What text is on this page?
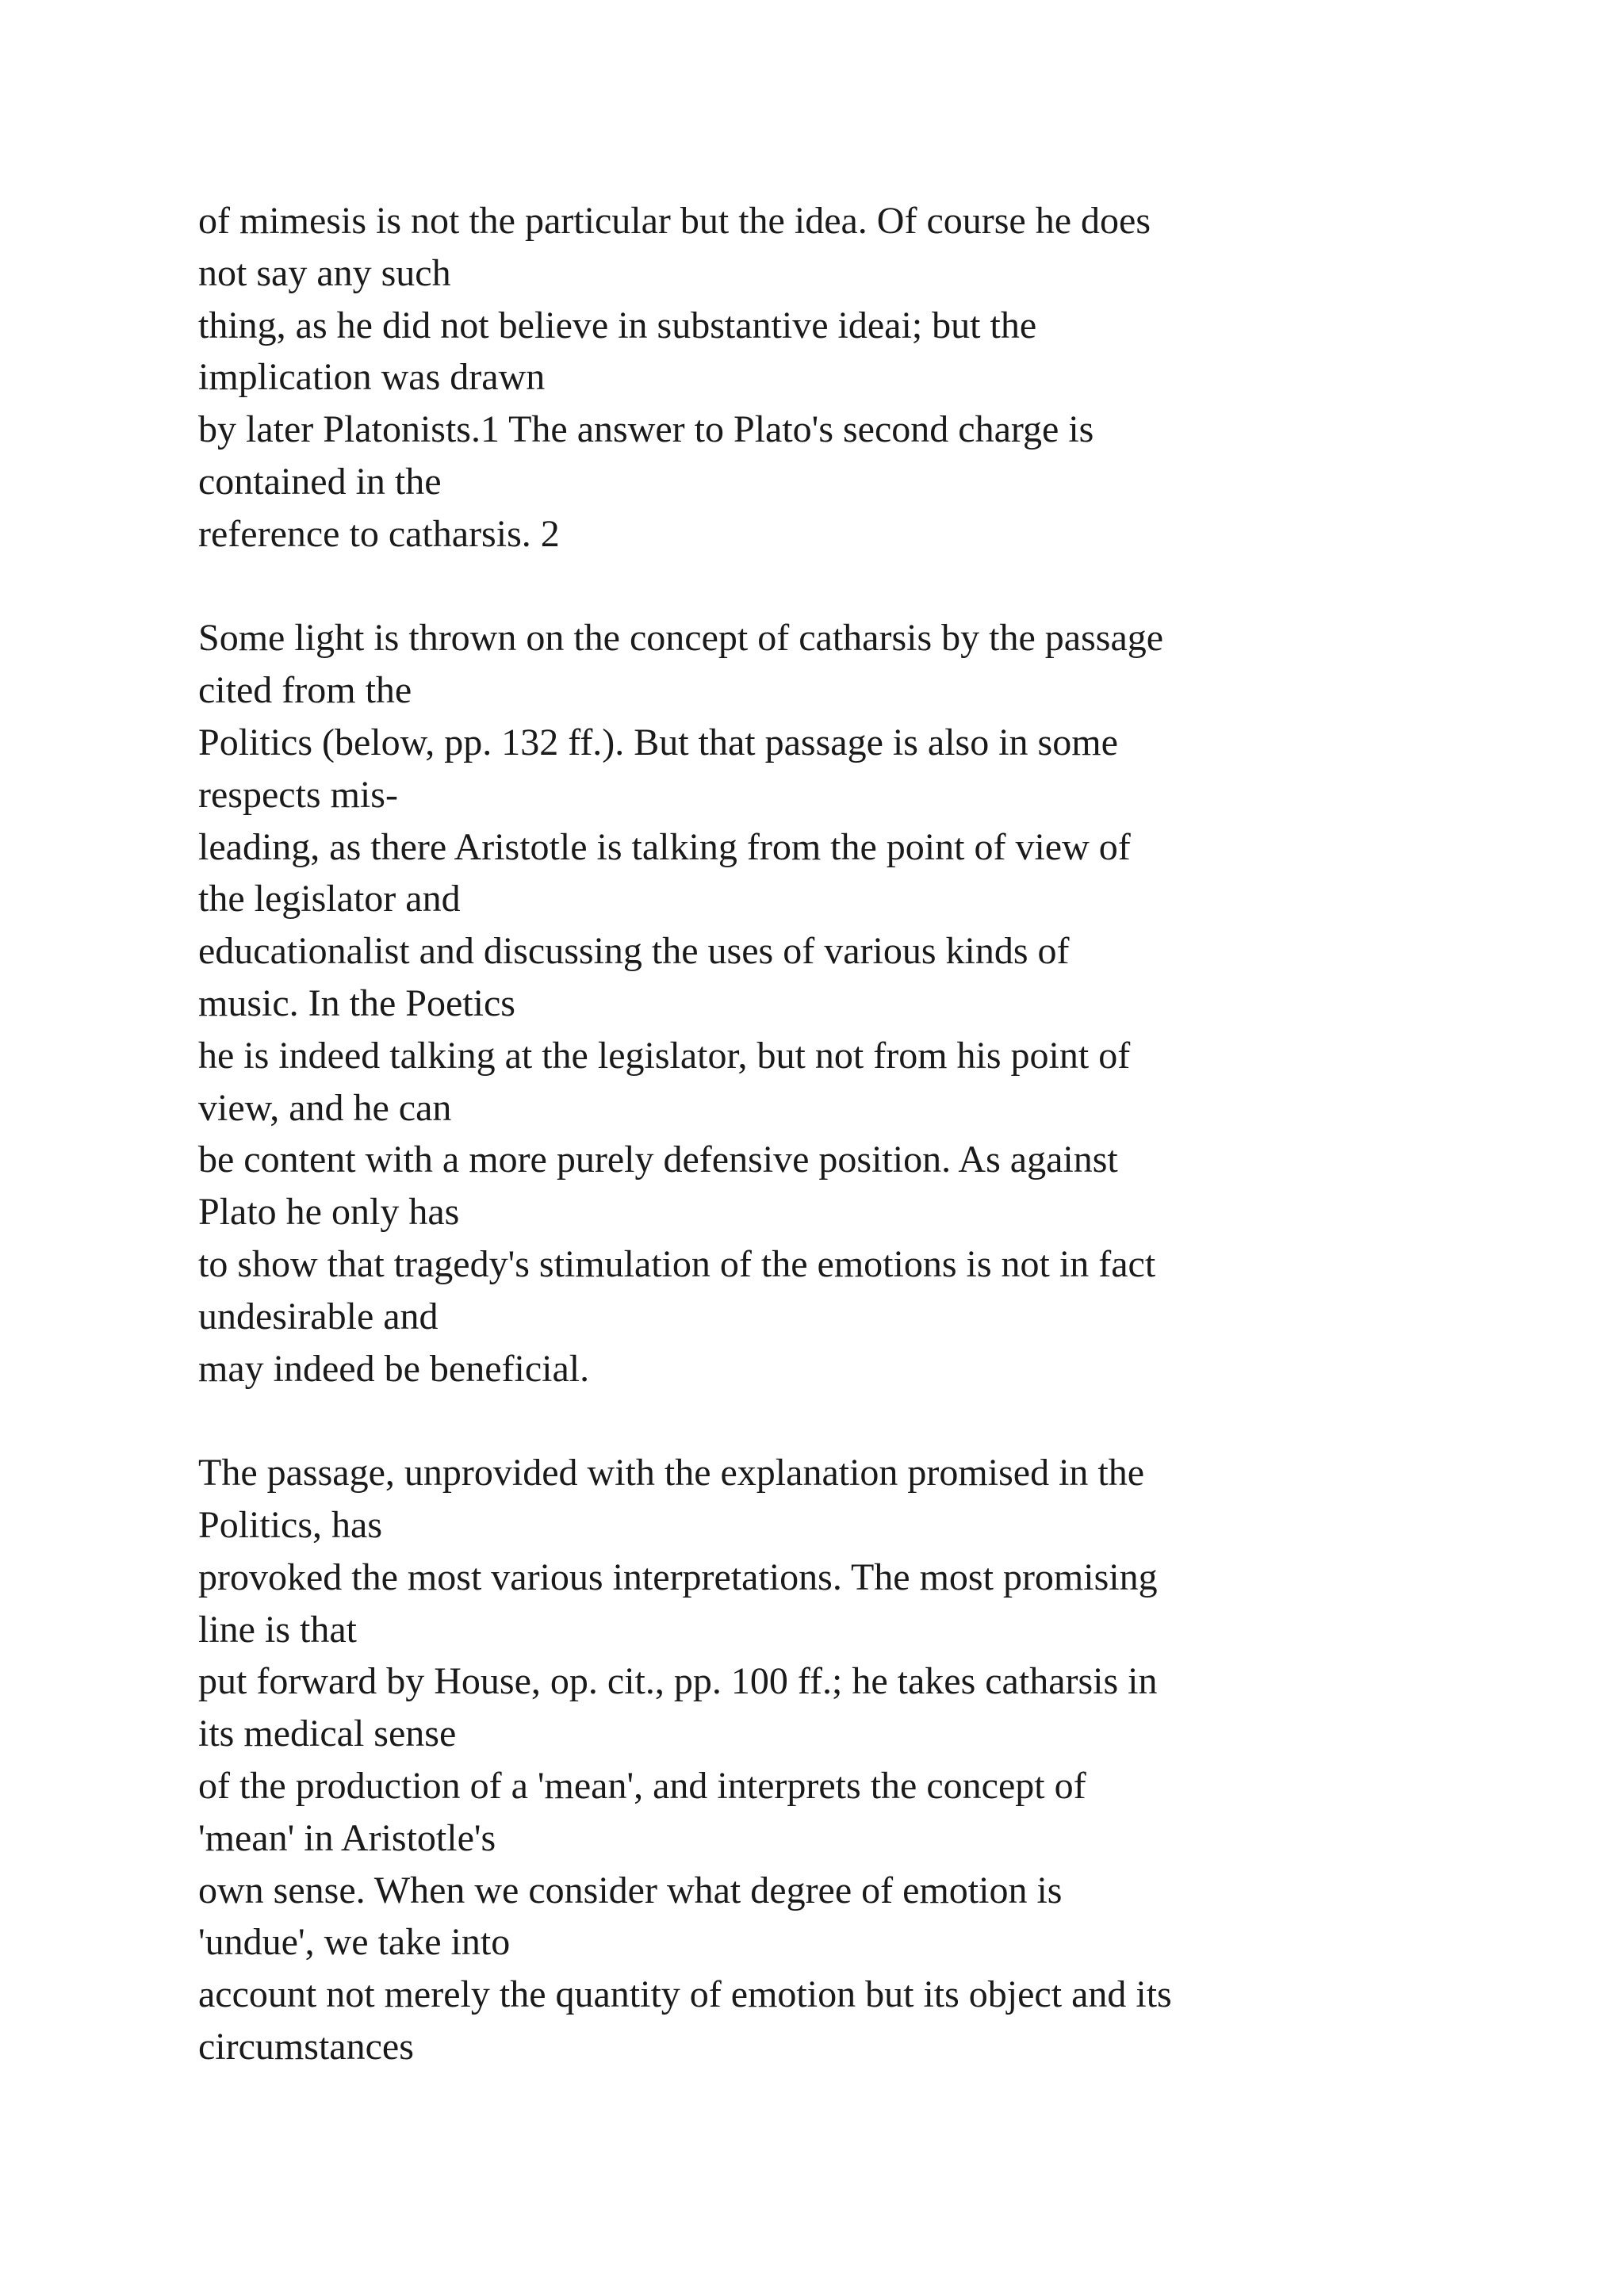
of mimesis is not the particular but the idea. Of course he does
not say any such
thing, as he did not believe in substantive ideai; but the
implication was drawn
by later Platonists.1 The answer to Plato's second charge is
contained in the
reference to catharsis. 2

Some light is thrown on the concept of catharsis by the passage
cited from the
Politics (below, pp. 132 ff.). But that passage is also in some
respects mis-
leading, as there Aristotle is talking from the point of view of
the legislator and
educationalist and discussing the uses of various kinds of
music. In the Poetics
he is indeed talking at the legislator, but not from his point of
view, and he can
be content with a more purely defensive position. As against
Plato he only has
to show that tragedy's stimulation of the emotions is not in fact
undesirable and
may indeed be beneficial.

The passage, unprovided with the explanation promised in the
Politics, has
provoked the most various interpretations. The most promising
line is that
put forward by House, op. cit., pp. 100 ff.; he takes catharsis in
its medical sense
of the production of a 'mean', and interprets the concept of
'mean' in Aristotle's
own sense. When we consider what degree of emotion is
'undue', we take into
account not merely the quantity of emotion but its object and its
circumstances
